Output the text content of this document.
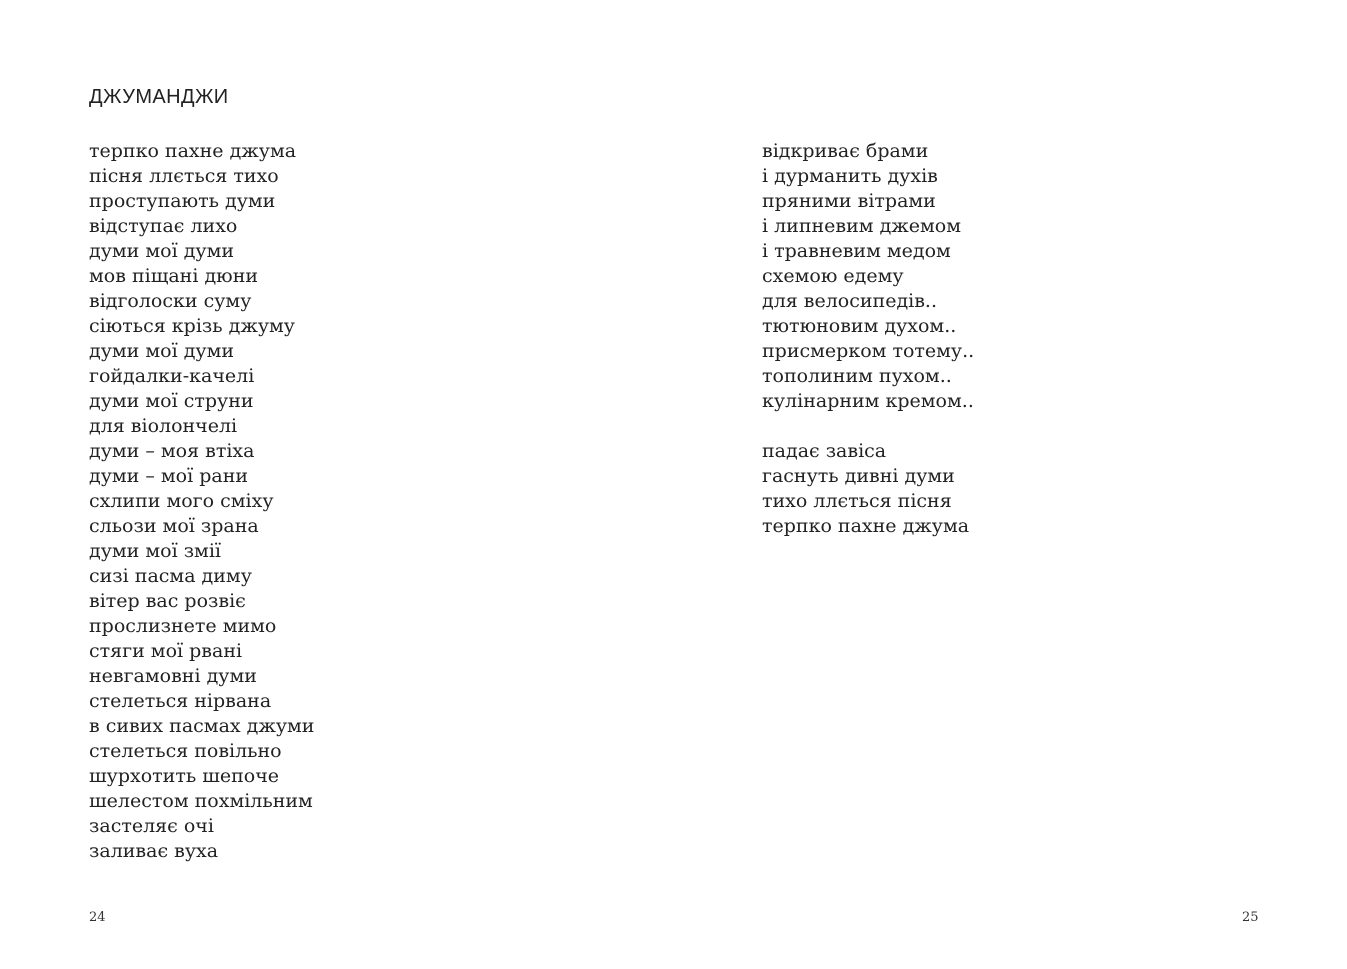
ДЖУМАНДЖИ
терпко пахне джума
пісня ллється тихо
проступають думи
відступає лихо
думи мої думи
мов піщані дюни
відголоски суму
сіються крізь джуму
думи мої думи
гойдалки-качелі
думи мої струни
для віолончелі
думи – моя втіха
думи – мої рани
схлипи мого сміху
сльози мої зрана
думи мої змії
сизі пасма диму
вітер вас розвіє
прослизнете мимо
стяги мої рвані
невгамовні думи
стелеться нірвана
в сивих пасмах джуми
стелеться повільно
шурхотить шепоче
шелестом похмільним
застеляє очі
заливає вуха
24
відкриває брами
і дурманить духів
пряними вітрами
і липневим джемом
і травневим медом
схемою едему
для велосипедів..
тютюновим духом..
присмерком тотему..
тополиним пухом..
кулінарним кремом..
падає завіса
гаснуть дивні думи
тихо ллється пісня
терпко пахне джума
25
